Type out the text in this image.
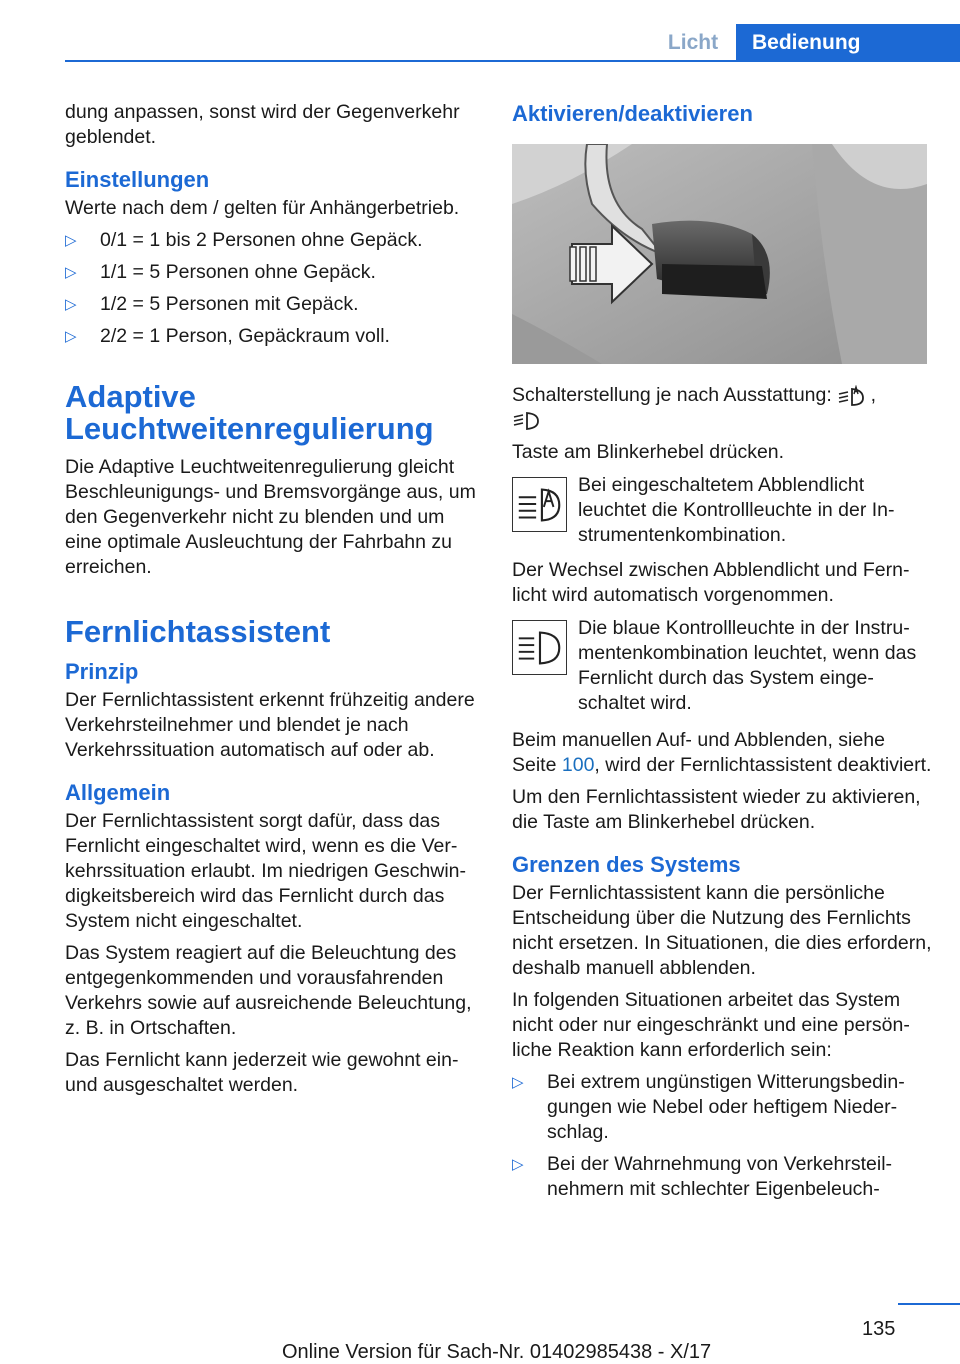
Licht	Bedienung

dung anpassen, sonst wird der Gegenverkehr geblendet.

Einstellungen

Werte nach dem / gelten für Anhängerbetrieb.

▷ 0/1 = 1 bis 2 Personen ohne Gepäck.
▷ 1/1 = 5 Personen ohne Gepäck.
▷ 1/2 = 5 Personen mit Gepäck.
▷ 2/2 = 1 Person, Gepäckraum voll.
Adaptive
Leuchtweitenregulierung

Die Adaptive Leuchtweitenregulierung gleicht Beschleunigungs- und Bremsvorgänge aus, um den Gegenverkehr nicht zu blenden und um eine optimale Ausleuchtung der Fahrbahn zu erreichen.

Fernlichtassistent
Prinzip

Der Fernlichtassistent erkennt frühzeitig andere Verkehrsteilnehmer und blendet je nach Verkehrssituation automatisch auf oder ab.

Allgemein

Der Fernlichtassistent sorgt dafür, dass das Fernlicht eingeschaltet wird, wenn es die Verkehrssituation erlaubt. Im niedrigen Geschwindigkeitsbereich wird das Fernlicht durch das System nicht eingeschaltet.

Das System reagiert auf die Beleuchtung des entgegenkommenden und vorausfahrenden Verkehrs sowie auf ausreichende Beleuchtung, z. B. in Ortschaften.

Das Fernlicht kann jederzeit wie gewohnt ein- und ausgeschaltet werden.

Aktivieren/deaktivieren

Schalterstellung je nach Ausstattung: ,

Taste am Blinkerhebel drücken.

Bei eingeschaltetem Abblendlicht leuchtet die Kontrollleuchte in der Instrumentenkombination.

Der Wechsel zwischen Abblendlicht und Fernlicht wird automatisch vorgenommen.

Die blaue Kontrollleuchte in der Instrumentenkombination leuchtet, wenn das Fernlicht durch das System eingeschaltet wird.

Beim manuellen Auf- und Abblenden, siehe Seite 100, wird der Fernlichtassistent deaktiviert.

Um den Fernlichtassistent wieder zu aktivieren, die Taste am Blinkerhebel drücken.

Grenzen des Systems

Der Fernlichtassistent kann die persönliche Entscheidung über die Nutzung des Fernlichts nicht ersetzen. In Situationen, die dies erfordern, deshalb manuell abblenden.

In folgenden Situationen arbeitet das System nicht oder nur eingeschränkt und eine persönliche Reaktion kann erforderlich sein:

▷ Bei extrem ungünstigen Witterungsbedingungen wie Nebel oder heftigem Niederschlag.
▷ Bei der Wahrnehmung von Verkehrsteilnehmern mit schlechter Eigenbeleuch-
135
Online Version für Sach-Nr. 01402985438 - X/17
